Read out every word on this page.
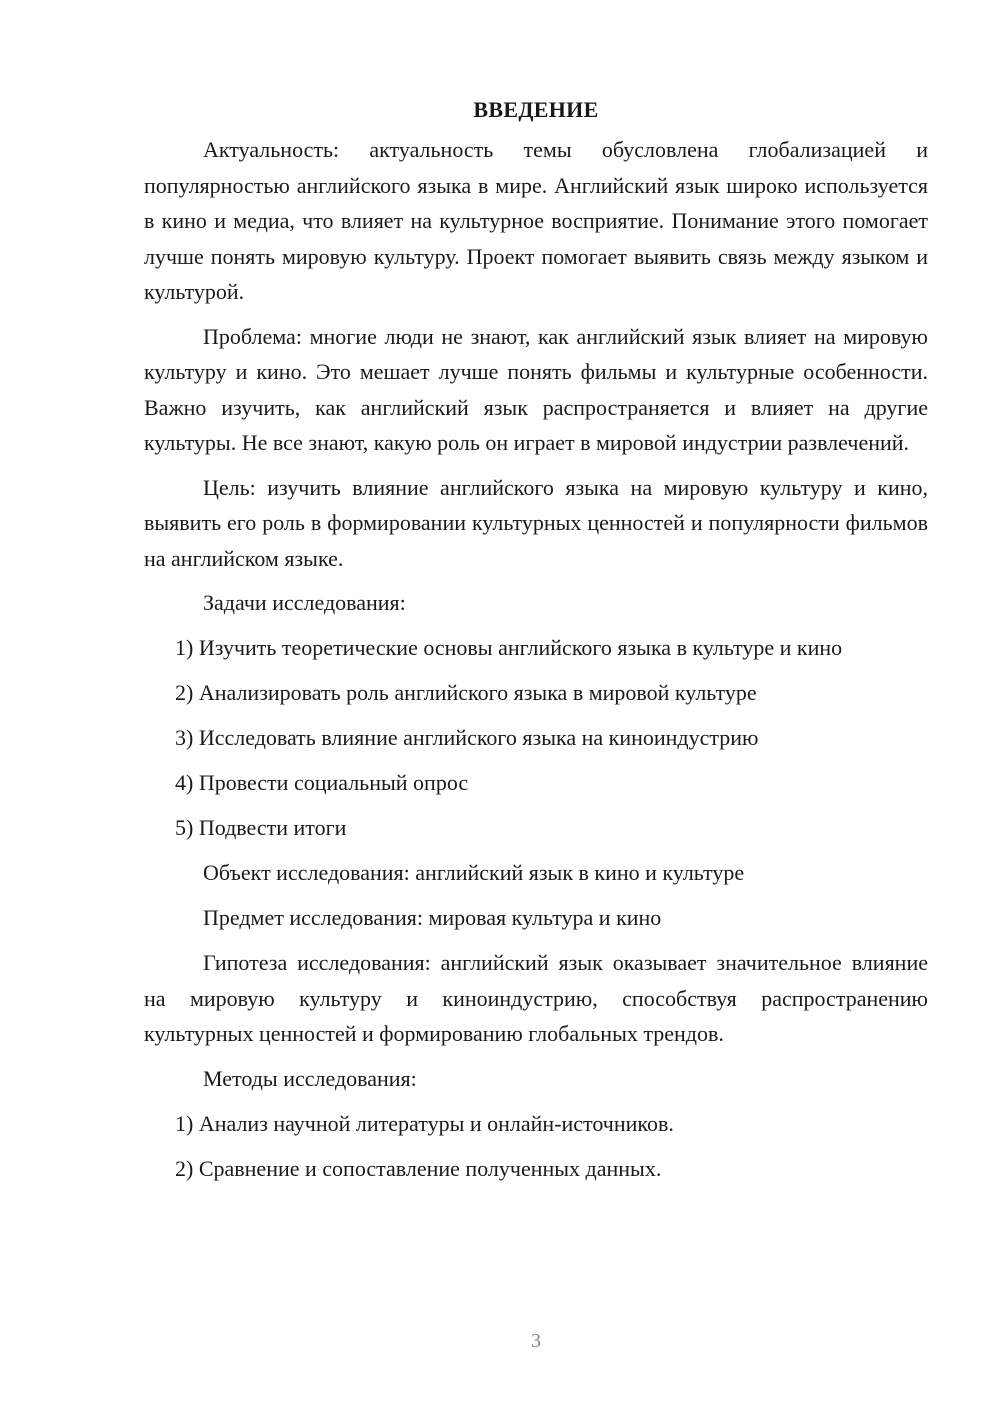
ВВЕДЕНИЕ

Актуальность: актуальность темы обусловлена глобализацией и популярностью английского языка в мире. Английский язык широко используется в кино и медиа, что влияет на культурное восприятие. Понимание этого помогает лучше понять мировую культуру. Проект помогает выявить связь между языком и культурой.

Проблема: многие люди не знают, как английский язык влияет на мировую культуру и кино. Это мешает лучше понять фильмы и культурные особенности. Важно изучить, как английский язык распространяется и влияет на другие культуры. Не все знают, какую роль он играет в мировой индустрии развлечений.

Цель: изучить влияние английского языка на мировую культуру и кино, выявить его роль в формировании культурных ценностей и популярности фильмов на английском языке.

Задачи исследования:

1) Изучить теоретические основы английского языка в культуре и кино

2) Анализировать роль английского языка в мировой культуре
3) Исследовать влияние английского языка на киноиндустрию
4) Провести социальный опрос
5) Подвести итоги
Объект исследования: английский язык в кино и культуре
Предмет исследования: мировая культура и кино

Гипотеза исследования: английский язык оказывает значительное влияние на мировую культуру и киноиндустрию, способствуя распространению культурных ценностей и формированию глобальных трендов.

Методы исследования:
1) Анализ научной литературы и онлайн-источников.
2) Сравнение и сопоставление полученных данных.
3
